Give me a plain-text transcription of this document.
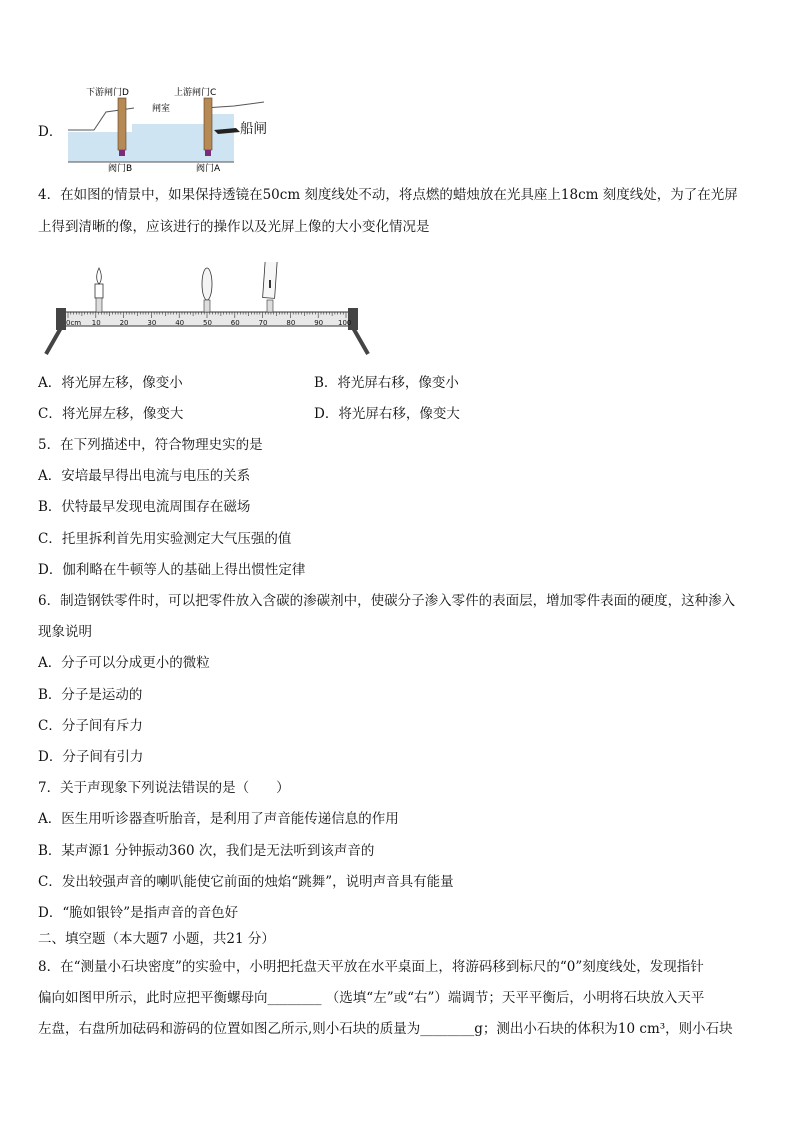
D．
下游闸门D	上游闸门C
闸室
阀门B	阀门A
船闸
4．在如图的情景中，如果保持透镜在50cm 刻度线处不动，将点燃的蜡烛放在光具座上18cm 刻度线处，为了在光屏
上得到清晰的像，应该进行的操作以及光屏上像的大小变化情况是
0cm 10	20	30	40	50	60	70	80	90 100
A．将光屏左移，像变小	B．将光屏右移，像变小
C．将光屏左移，像变大	D．将光屏右移，像变大
5．在下列描述中，符合物理史实的是
A．安培最早得出电流与电压的关系
B．伏特最早发现电流周围存在磁场
C．托里拆利首先用实验测定大气压强的值
D．伽利略在牛顿等人的基础上得出惯性定律
6．制造钢铁零件时，可以把零件放入含碳的渗碳剂中，使碳分子渗入零件的表面层，增加零件表面的硬度，这种渗入
现象说明
A．分子可以分成更小的微粒
B．分子是运动的
C．分子间有斥力
D．分子间有引力
7．关于声现象下列说法错误的是（　　）
A．医生用听诊器查听胎音，是利用了声音能传递信息的作用
B．某声源1 分钟振动360 次，我们是无法听到该声音的
C．发出较强声音的喇叭能使它前面的烛焰“跳舞”，说明声音具有能量
D．“脆如银铃”是指声音的音色好
二、填空题（本大题7 小题，共21 分）
8．在“测量小石块密度”的实验中，小明把托盘天平放在水平桌面上，将游码移到标尺的“0”刻度线处，发现指针
偏向如图甲所示，此时应把平衡螺母向________ （选填“左”或“右”）端调节；天平平衡后，小明将石块放入天平
左盘，右盘所加砝码和游码的位置如图乙所示,则小石块的质量为________g；测出小石块的体积为10 cm³，则小石块
